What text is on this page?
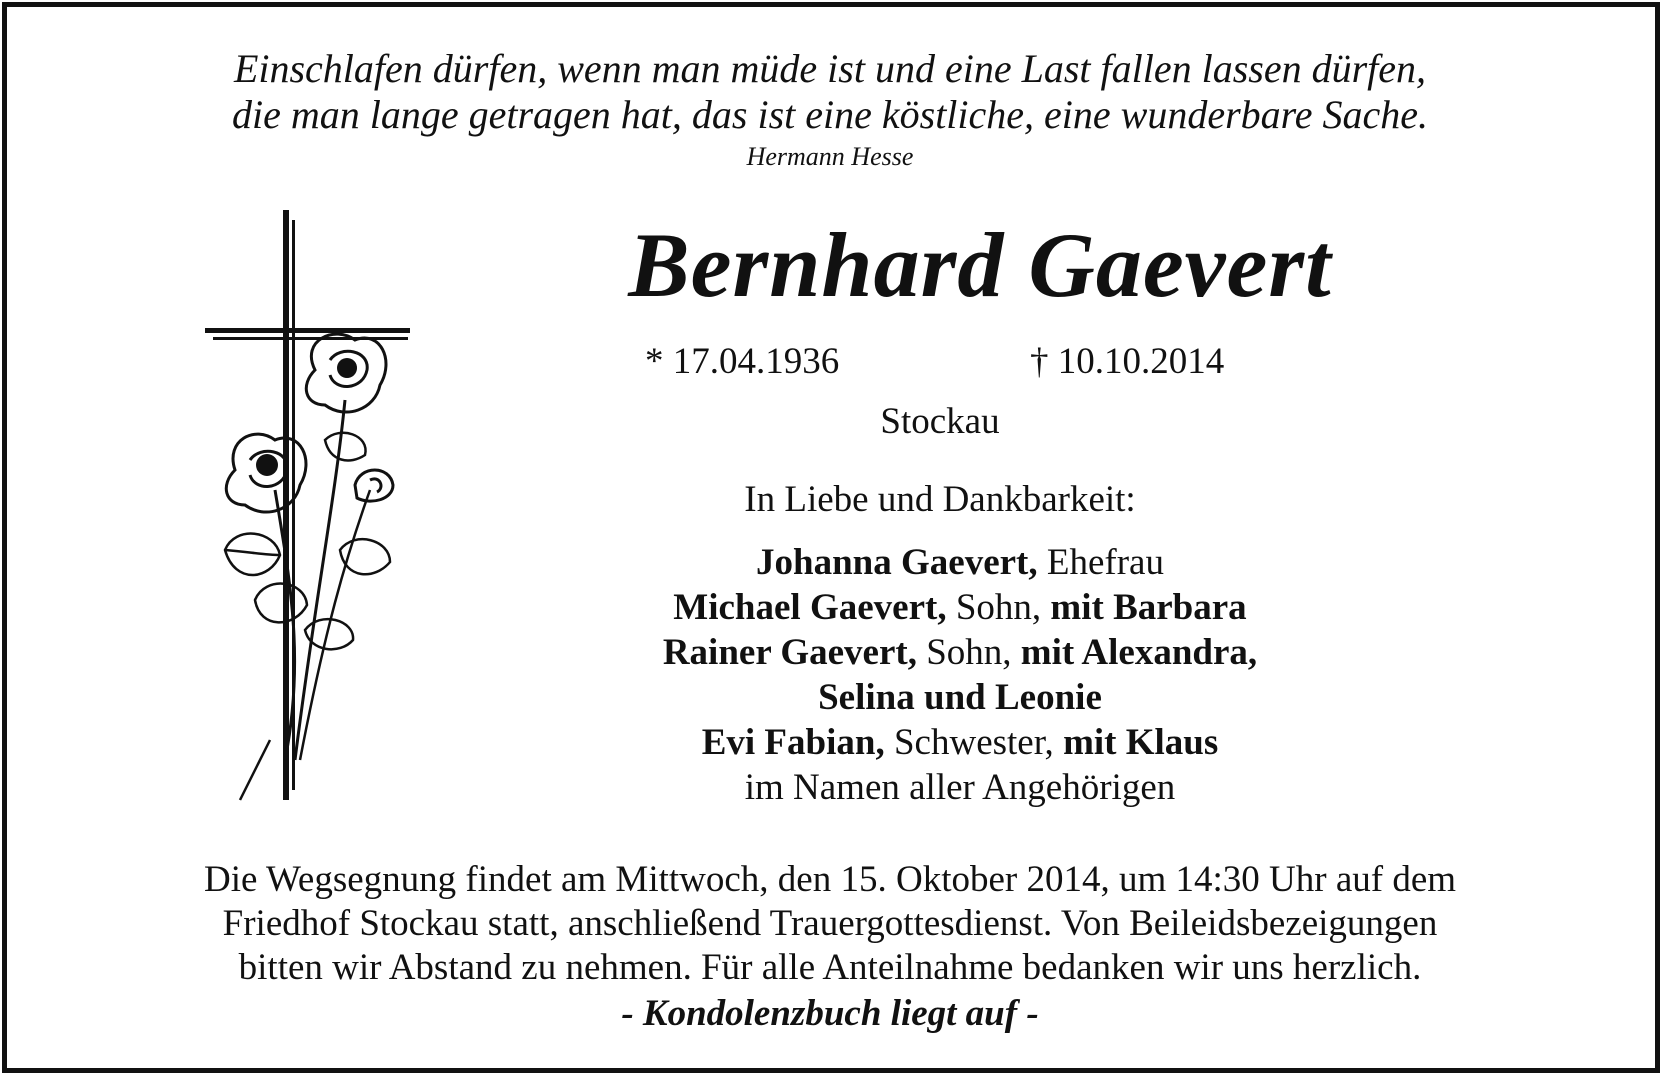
Einschlafen dürfen, wenn man müde ist und eine Last fallen lassen dürfen,
die man lange getragen hat, das ist eine köstliche, eine wunderbare Sache.
Hermann Hesse
Bernhard Gaevert
* 17.04.1936	† 10.10.2014
Stockau
In Liebe und Dankbarkeit:
Johanna Gaevert, Ehefrau
Michael Gaevert, Sohn, mit Barbara
Rainer Gaevert, Sohn, mit Alexandra,
Selina und Leonie
Evi Fabian, Schwester, mit Klaus
im Namen aller Angehörigen
Die Wegsegnung findet am Mittwoch, den 15. Oktober 2014, um 14:30 Uhr auf dem
Friedhof Stockau statt, anschließend Trauergottesdienst. Von Beileidsbezeigungen
bitten wir Abstand zu nehmen. Für alle Anteilnahme bedanken wir uns herzlich.
- Kondolenzbuch liegt auf -
